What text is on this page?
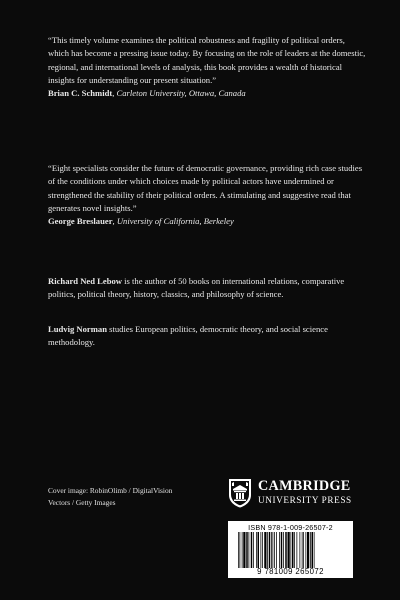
“This timely volume examines the political robustness and fragility of political orders, which has become a pressing issue today. By focusing on the role of leaders at the domestic, regional, and international levels of analysis, this book provides a wealth of historical insights for understanding our present situation.”

Brian C. Schmidt, Carleton University, Ottawa, Canada

“Eight specialists consider the future of democratic governance, providing rich case studies of the conditions under which choices made by political actors have undermined or strengthened the stability of their political orders. A stimulating and suggestive read that generates novel insights.”

George Breslauer, University of California, Berkeley

Richard Ned Lebow is the author of 50 books on international relations, comparative politics, political theory, history, classics, and philosophy of science.

Ludvig Norman studies European politics, democratic theory, and social science methodology.

Cover image: RobinOlimb / DigitalVision
Vectors / Getty Images
CAMBRIDGE
UNIVERSITY PRESS
ISBN 978-1-009-26507-2
9 781009 265072
